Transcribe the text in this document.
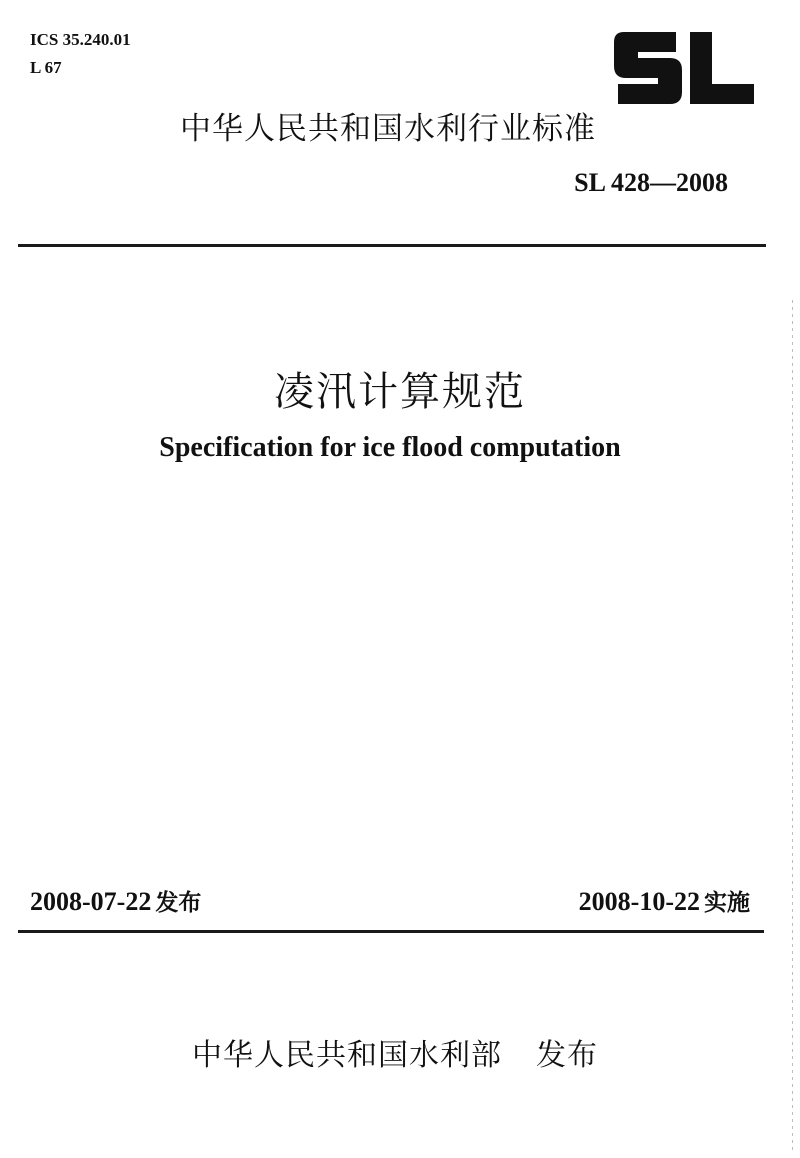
ICS 35.240.01
L 67
中华人民共和国水利行业标准
SL 428—2008
凌汛计算规范
Specification for ice flood computation
2008-07-22 发布	2008-10-22 实施
中华人民共和国水利部 发布
